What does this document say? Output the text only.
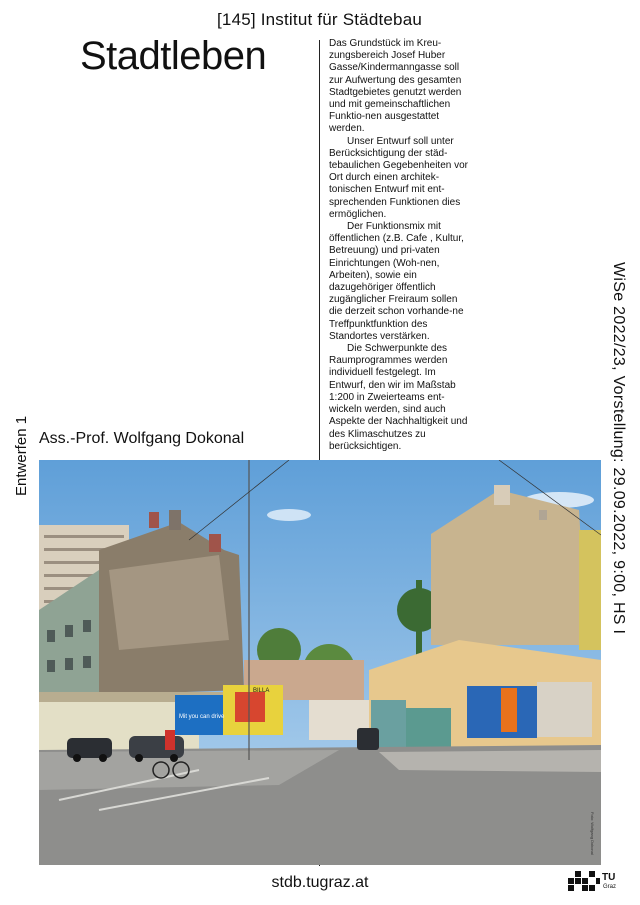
[145] Institut für Städtebau
Stadtleben	Das Grundstück im Kreu-zungsbereich Josef Huber Gasse/Kindermanngasse soll zur Aufwertung des gesamten Stadtgebietes genutzt werden und mit gemeinschaftlichen Funktio-nen ausgestattet werden.

Unser Entwurf soll unter Berücksichtigung der städ-tebaulichen Gegebenheiten vor Ort durch einen architek-tonischen Entwurf mit ent-sprechenden Funktionen dies ermöglichen.

Der Funktionsmix mit öffentlichen (z.B. Cafe , Kultur, Betreuung) und pri-vaten Einrichtungen (Woh-nen, Arbeiten), sowie ein dazugehöriger öffentlich zugänglicher Freiraum sollen die derzeit schon vorhande-ne Treffpunktfunktion des Standortes verstärken.

Die Schwerpunkte des Raumprogrammes werden individuell festgelegt. Im Entwurf, den wir im Maßstab 1:200 in Zweierteams ent-wickeln werden, sind auch Aspekte der Nachhaltigkeit und des Klimaschutzes zu berücksichtigen.

Ass.-Prof. Wolfgang Dokonal
Entwerfen 1	WiSe 2022/23, Vorstellung: 29.09.2022, 9:00, HS I
Mit you can drive
BILLA
Foto: Wolfgang Dokonal
stdb.tugraz.at	TU
Graz
